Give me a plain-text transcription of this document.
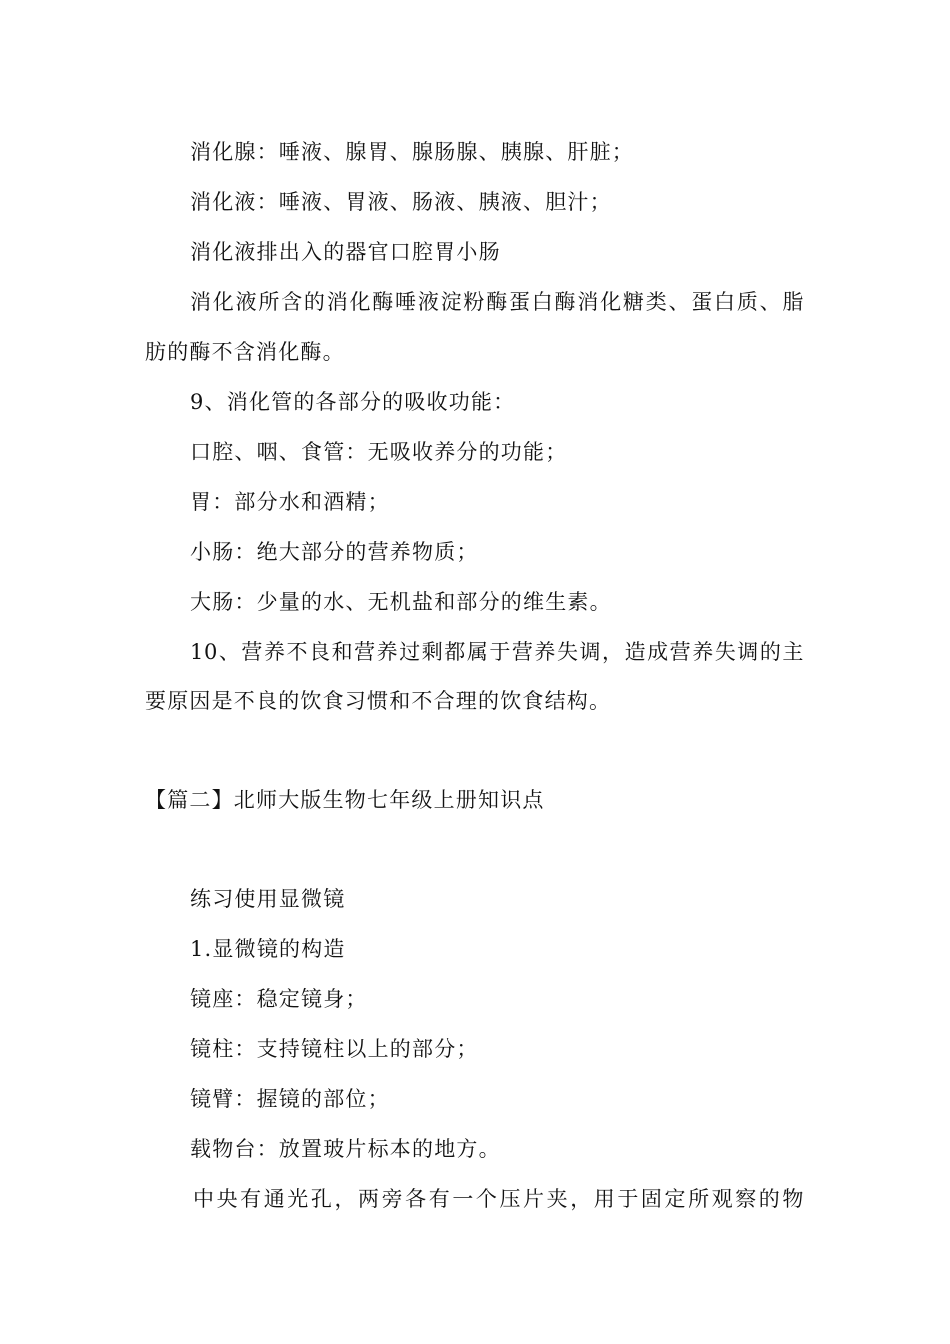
消化腺：唾液、腺胃、腺肠腺、胰腺、肝脏；
消化液：唾液、胃液、肠液、胰液、胆汁；
消化液排出入的器官口腔胃小肠
消化液所含的消化酶唾液淀粉酶蛋白酶消化糖类、蛋白质、脂
肪的酶不含消化酶。
9、消化管的各部分的吸收功能：
口腔、咽、食管：无吸收养分的功能；
胃：部分水和酒精；
小肠：绝大部分的营养物质；
大肠：少量的水、无机盐和部分的维生素。
10、营养不良和营养过剩都属于营养失调，造成营养失调的主
要原因是不良的饮食习惯和不合理的饮食结构。
【篇二】北师大版生物七年级上册知识点
练习使用显微镜
1.显微镜的构造
镜座：稳定镜身；
镜柱：支持镜柱以上的部分；
镜臂：握镜的部位；
载物台：放置玻片标本的地方。
中央有通光孔，两旁各有一个压片夹，用于固定所观察的物
